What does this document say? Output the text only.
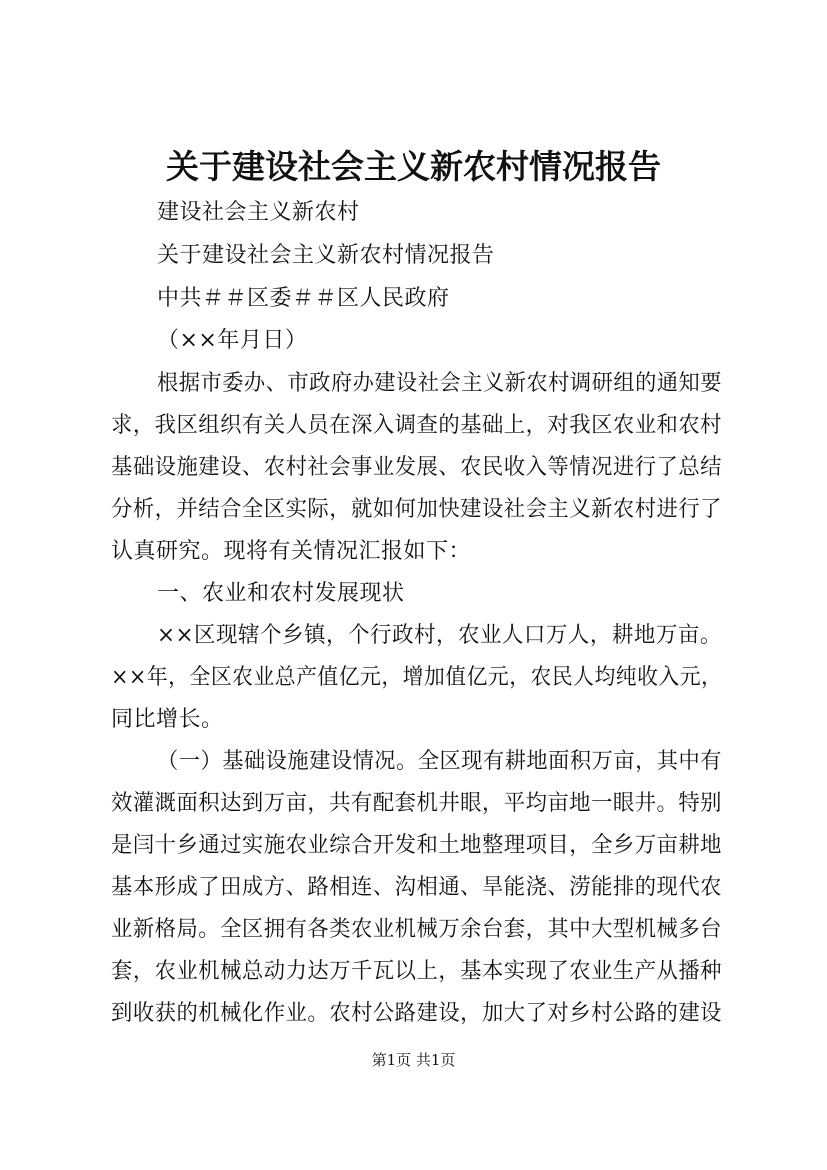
关于建设社会主义新农村情况报告
建设社会主义新农村
关于建设社会主义新农村情况报告
中共＃＃区委＃＃区人民政府
（××年月日）
根据市委办、市政府办建设社会主义新农村调研组的通知要
求，我区组织有关人员在深入调查的基础上，对我区农业和农村
基础设施建设、农村社会事业发展、农民收入等情况进行了总结
分析，并结合全区实际，就如何加快建设社会主义新农村进行了
认真研究。现将有关情况汇报如下：
一、农业和农村发展现状
××区现辖个乡镇，个行政村，农业人口万人，耕地万亩。
××年，全区农业总产值亿元，增加值亿元，农民人均纯收入元，
同比增长。
（一）基础设施建设情况。全区现有耕地面积万亩，其中有
效灌溉面积达到万亩，共有配套机井眼，平均亩地一眼井。特别
是闫十乡通过实施农业综合开发和土地整理项目，全乡万亩耕地
基本形成了田成方、路相连、沟相通、旱能浇、涝能排的现代农
业新格局。全区拥有各类农业机械万余台套，其中大型机械多台
套，农业机械总动力达万千瓦以上，基本实现了农业生产从播种
到收获的机械化作业。农村公路建设，加大了对乡村公路的建设
第1页 共1页
